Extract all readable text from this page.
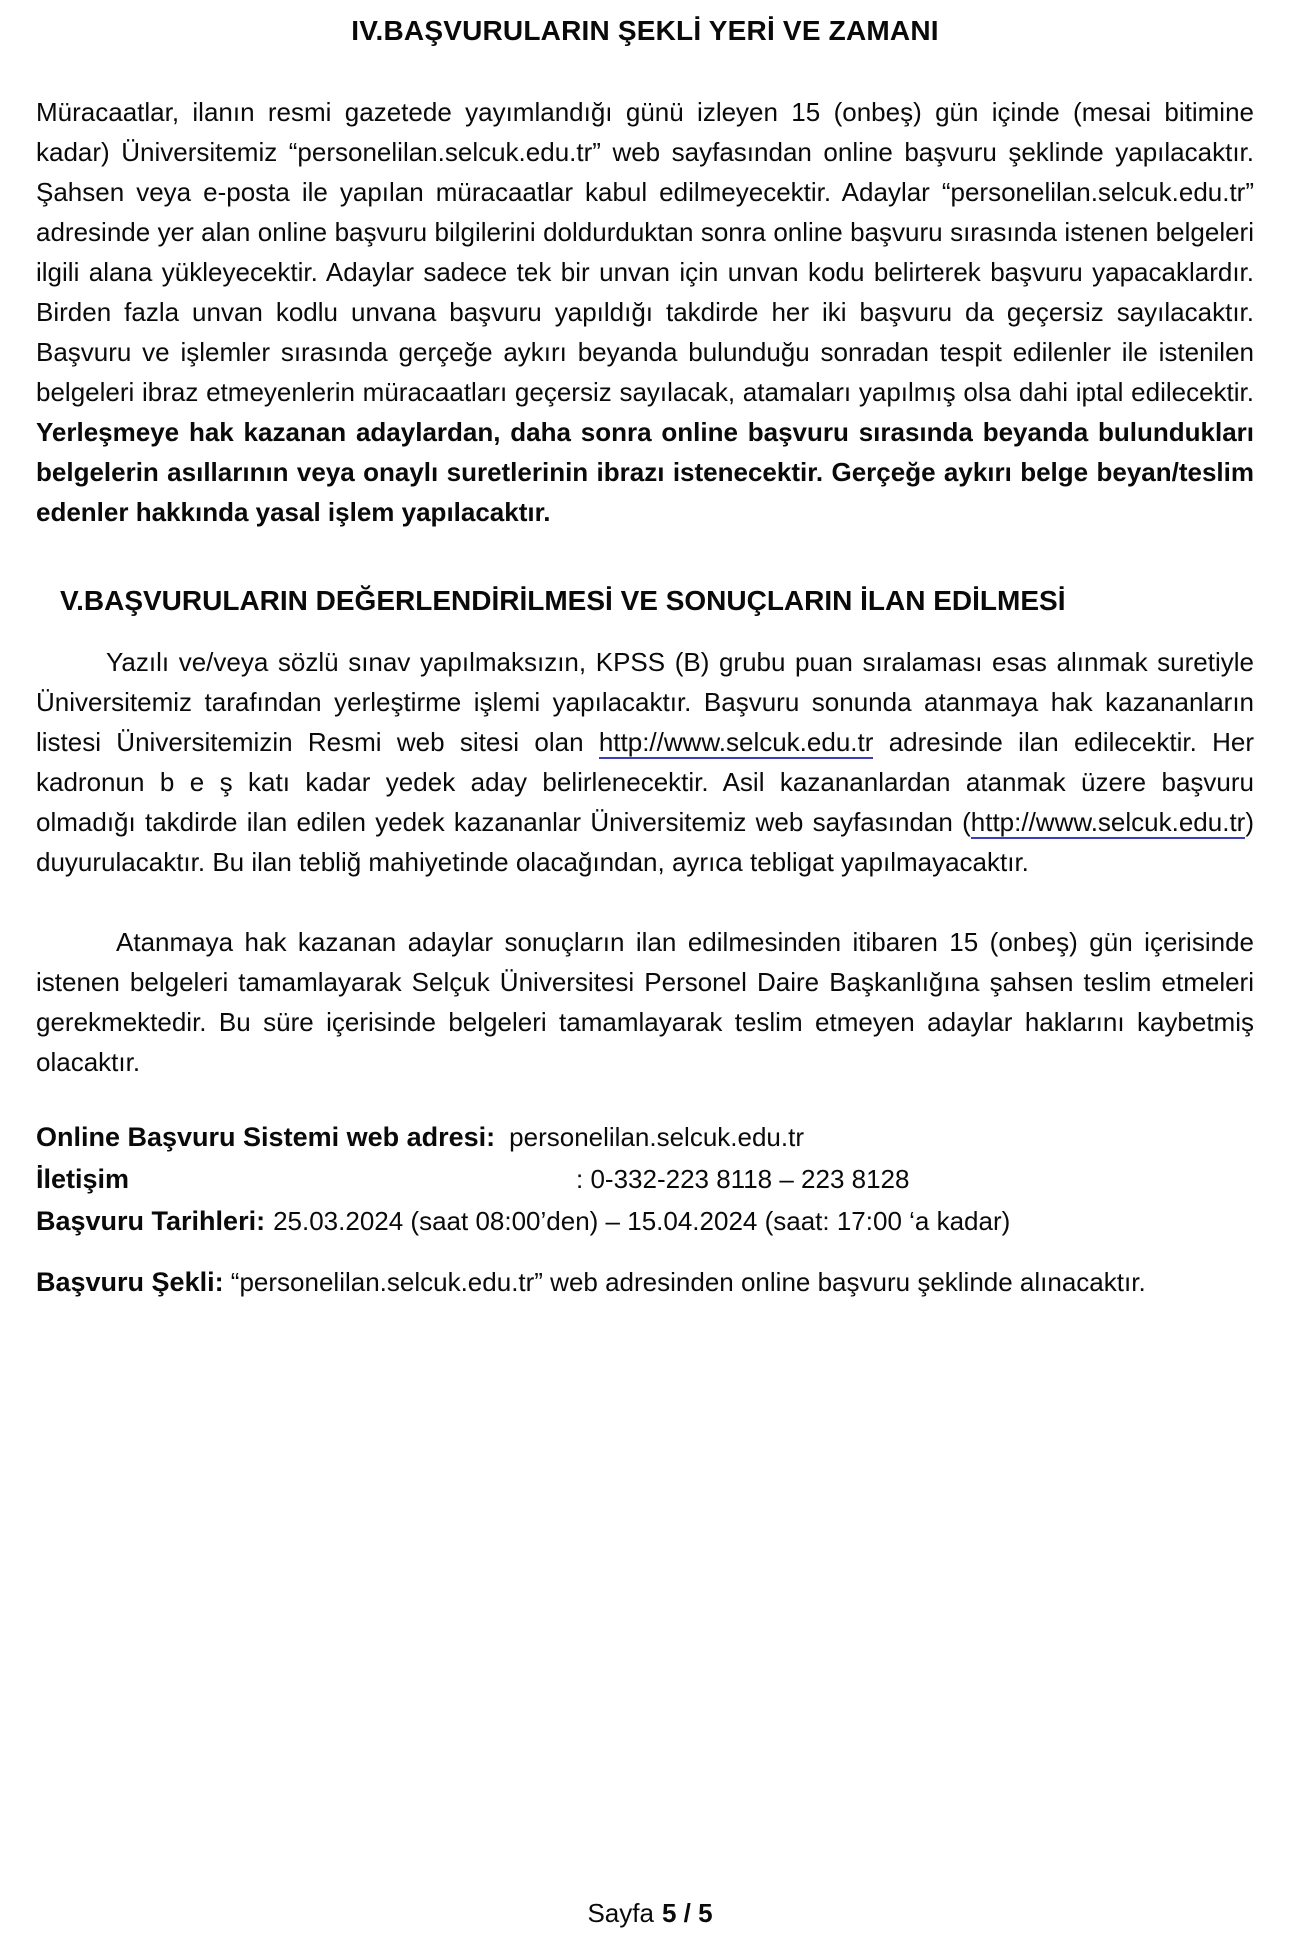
IV.BAŞVURULARIN ŞEKLİ YERİ VE ZAMANI

Müracaatlar, ilanın resmi gazetede yayımlandığı günü izleyen 15 (onbeş) gün içinde (mesai bitimine kadar) Üniversitemiz “personelilan.selcuk.edu.tr” web sayfasından online başvuru şeklinde yapılacaktır. Şahsen veya e-posta ile yapılan müracaatlar kabul edilmeyecektir. Adaylar “personelilan.selcuk.edu.tr” adresinde yer alan online başvuru bilgilerini doldurduktan sonra online başvuru sırasında istenen belgeleri ilgili alana yükleyecektir. Adaylar sadece tek bir unvan için unvan kodu belirterek başvuru yapacaklardır. Birden fazla unvan kodlu unvana başvuru yapıldığı takdirde her iki başvuru da geçersiz sayılacaktır. Başvuru ve işlemler sırasında gerçeğe aykırı beyanda bulunduğu sonradan tespit edilenler ile istenilen belgeleri ibraz etmeyenlerin müracaatları geçersiz sayılacak, atamaları yapılmış olsa dahi iptal edilecektir. Yerleşmeye hak kazanan adaylardan, daha sonra online başvuru sırasında beyanda bulundukları belgelerin asıllarının veya onaylı suretlerinin ibrazı istenecektir. Gerçeğe aykırı belge beyan/teslim edenler hakkında yasal işlem yapılacaktır.

V.BAŞVURULARIN DEĞERLENDİRİLMESİ VE SONUÇLARIN İLAN EDİLMESİ

Yazılı ve/veya sözlü sınav yapılmaksızın, KPSS (B) grubu puan sıralaması esas alınmak suretiyle Üniversitemiz tarafından yerleştirme işlemi yapılacaktır. Başvuru sonunda atanmaya hak kazananların listesi Üniversitemizin Resmi web sitesi olan http://www.selcuk.edu.tr adresinde ilan edilecektir. Her kadronun b e ş katı kadar yedek aday belirlenecektir. Asil kazananlardan atanmak üzere başvuru olmadığı takdirde ilan edilen yedek kazananlar Üniversitemiz web sayfasından (http://www.selcuk.edu.tr) duyurulacaktır. Bu ilan tebliğ mahiyetinde olacağından, ayrıca tebligat yapılmayacaktır.

Atanmaya hak kazanan adaylar sonuçların ilan edilmesinden itibaren 15 (onbeş) gün içerisinde istenen belgeleri tamamlayarak Selçuk Üniversitesi Personel Daire Başkanlığına şahsen teslim etmeleri gerekmektedir. Bu süre içerisinde belgeleri tamamlayarak teslim etmeyen adaylar haklarını kaybetmiş olacaktır.

Online Başvuru Sistemi web adresi: personelilan.selcuk.edu.tr
İletişim	: 0-332-223 8118 – 223 8128
Başvuru Tarihleri: 25.03.2024 (saat 08:00’den) – 15.04.2024 (saat: 17:00 ‘a kadar)

Başvuru Şekli: “personelilan.selcuk.edu.tr” web adresinden online başvuru şeklinde alınacaktır.

Sayfa 5 / 5
